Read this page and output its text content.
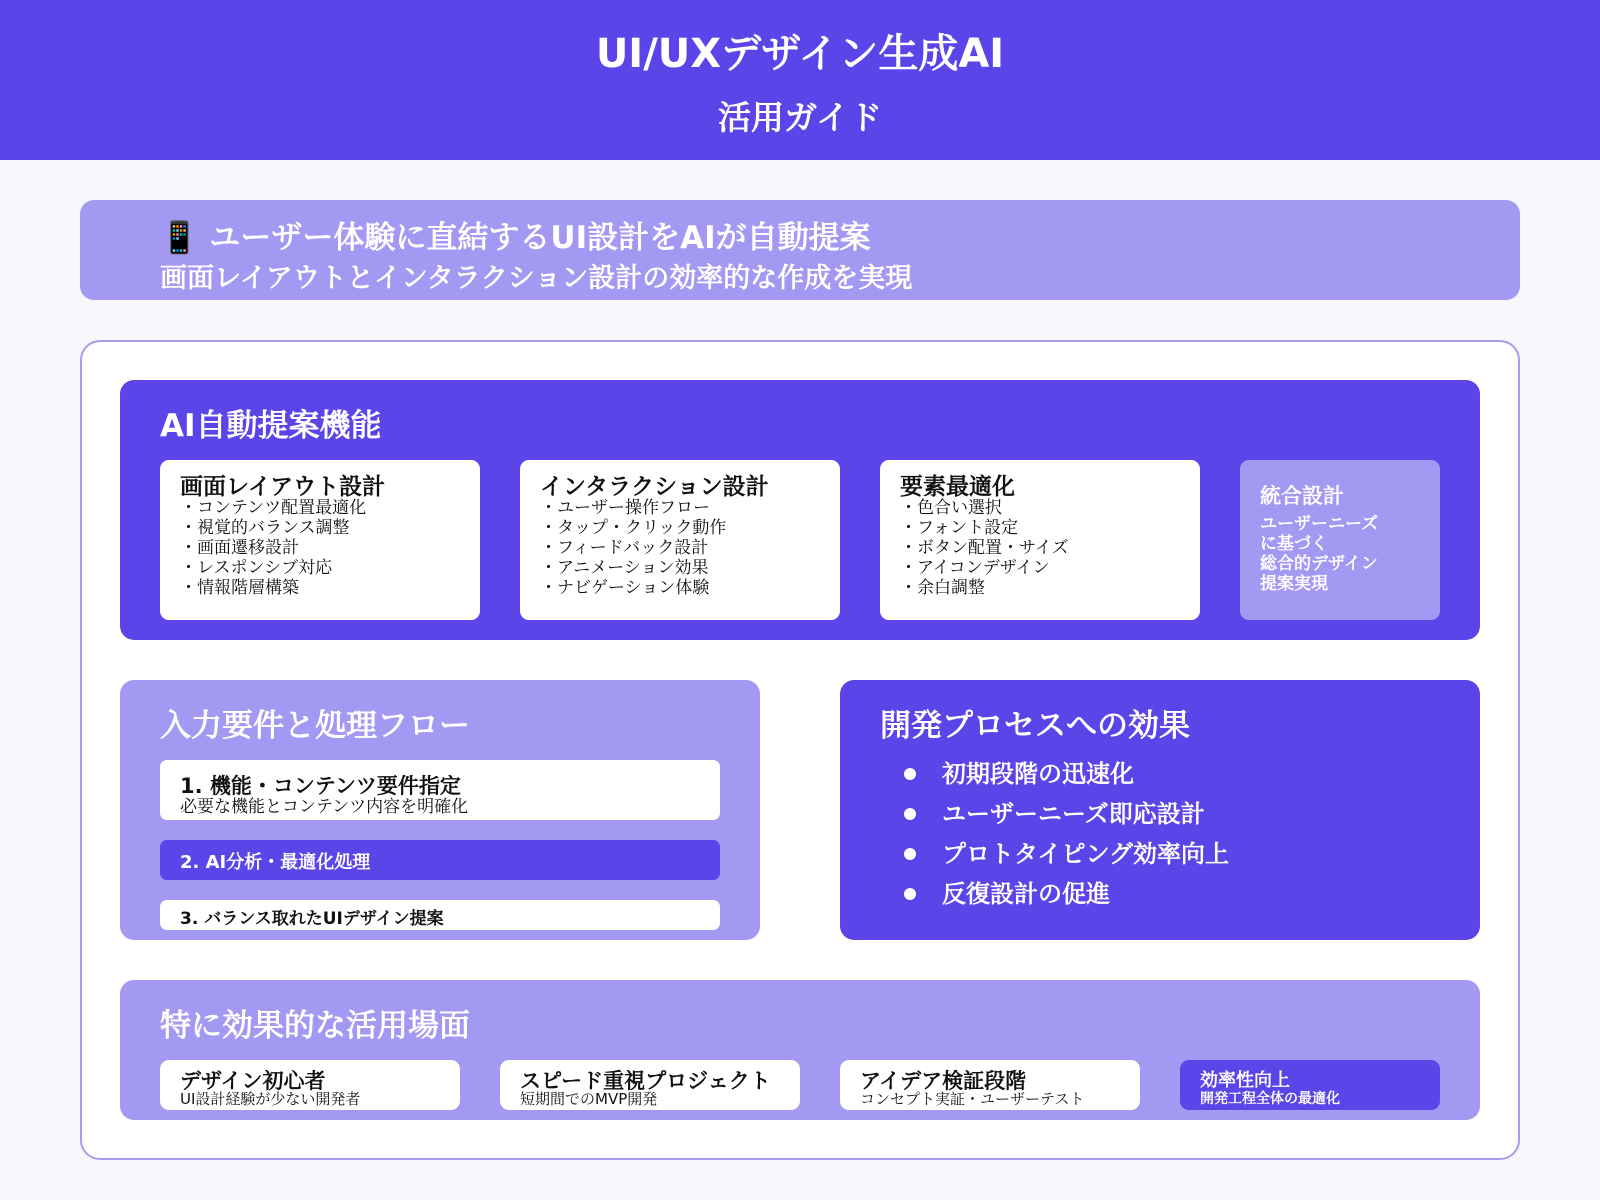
UI/UXデザイン生成AI
活用ガイド
📱 ユーザー体験に直結するUI設計をAIが自動提案
画面レイアウトとインタラクション設計の効率的な作成を実現
AI自動提案機能
画面レイアウト設計
・ コンテンツ配置最適化
・ 視覚的バランス調整
・ 画面遷移設計
・ レスポンシブ対応
・ 情報階層構築
インタラクション設計
・ ユーザー操作フロー
・ タップ・クリック動作
・ フィードバック設計
・ アニメーション効果
・ ナビゲーション体験
要素最適化
・ 色合い選択
・ フォント設定
・ ボタン配置・サイズ
・ アイコンデザイン
・ 余白調整
統合設計
ユーザーニーズ
に基づく
総合的デザイン
提案実現
入力要件と処理フロー
1. 機能・コンテンツ要件指定
必要な機能とコンテンツ内容を明確化
2. AI分析・最適化処理
3. バランス取れたUIデザイン提案
開発プロセスへの効果
初期段階の迅速化
ユーザーニーズ即応設計
プロトタイピング効率向上
反復設計の促進
特に効果的な活用場面
デザイン初心者
UI設計経験が少ない開発者
スピード重視プロジェクト
短期間でのMVP開発
アイデア検証段階
コンセプト実証・ユーザーテスト
効率性向上
開発工程全体の最適化
